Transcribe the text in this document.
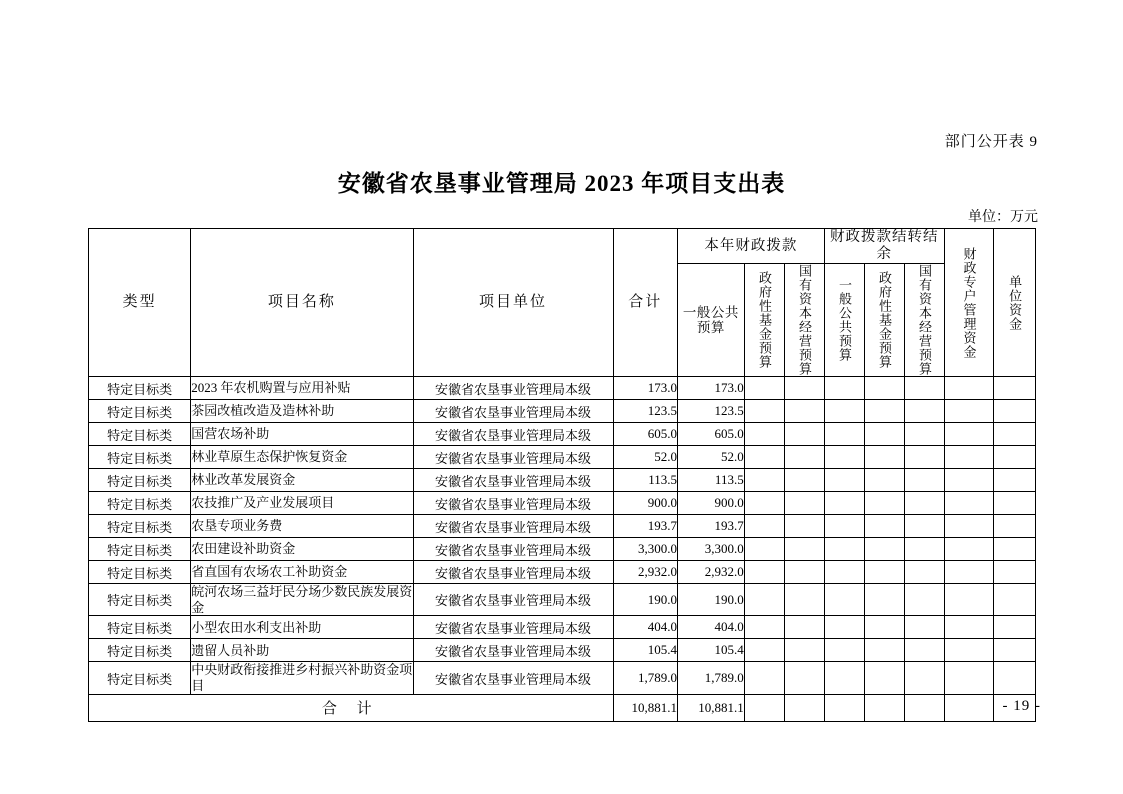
部门公开表 9
安徽省农垦事业管理局 2023 年项目支出表
单位：万元
类型	项目名称	项目单位	合计	本年财政拨款			财政拨款结转结余			财政专户管理资金	单位资金

				一般公共预算	政府性基金预算	国有资本经营预算	一般公共预算	政府性基金预算	国有资本经营预算		

特定目标类	2023 年农机购置与应用补贴	安徽省农垦事业管理局本级	173.0	173.0							
特定目标类	茶园改植改造及造林补助	安徽省农垦事业管理局本级	123.5	123.5							
特定目标类	国营农场补助	安徽省农垦事业管理局本级	605.0	605.0							
特定目标类	林业草原生态保护恢复资金	安徽省农垦事业管理局本级	52.0	52.0							
特定目标类	林业改革发展资金	安徽省农垦事业管理局本级	113.5	113.5							
特定目标类	农技推广及产业发展项目	安徽省农垦事业管理局本级	900.0	900.0							
特定目标类	农垦专项业务费	安徽省农垦事业管理局本级	193.7	193.7							
特定目标类	农田建设补助资金	安徽省农垦事业管理局本级	3,300.0	3,300.0							
特定目标类	省直国有农场农工补助资金	安徽省农垦事业管理局本级	2,932.0	2,932.0							
特定目标类	皖河农场三益圩民分场少数民族发展资金	安徽省农垦事业管理局本级	190.0	190.0							
特定目标类	小型农田水利支出补助	安徽省农垦事业管理局本级	404.0	404.0							
特定目标类	遗留人员补助	安徽省农垦事业管理局本级	105.4	105.4							
特定目标类	中央财政衔接推进乡村振兴补助资金项目	安徽省农垦事业管理局本级	1,789.0	1,789.0							
合 计			10,881.1	10,881.1								- 19 -
